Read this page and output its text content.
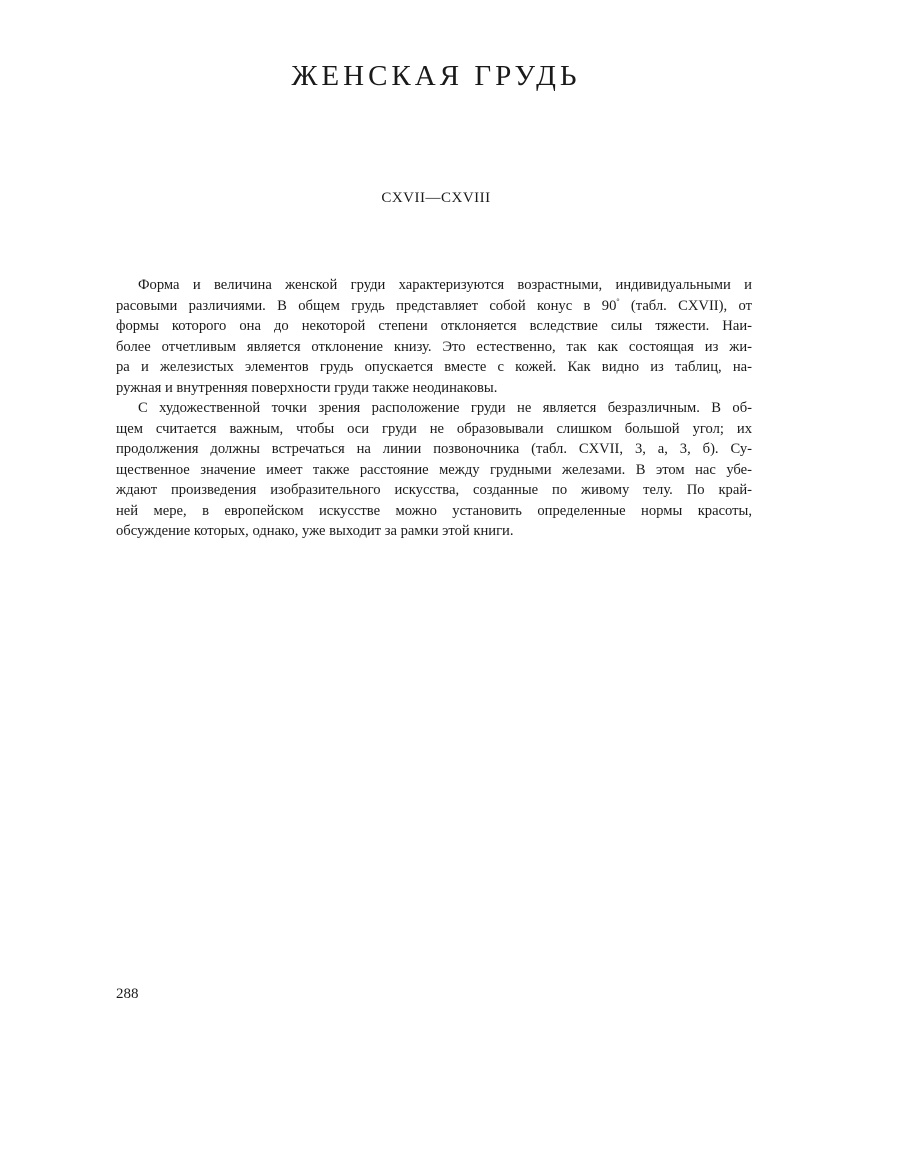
ЖЕНСКАЯ ГРУДЬ
CXVII—CXVIII
Форма и величина женской груди характеризуются возрастными, индивидуальными и
расовыми различиями. В общем грудь представляет собой конус в 90° (табл. CXVII), от
формы которого она до некоторой степени отклоняется вследствие силы тяжести. Наи-
более отчетливым является отклонение книзу. Это естественно, так как состоящая из жи-
ра и железистых элементов грудь опускается вместе с кожей. Как видно из таблиц, на-
ружная и внутренняя поверхности груди также неодинаковы.
С художественной точки зрения расположение груди не является безразличным. В об-
щем считается важным, чтобы оси груди не образовывали слишком большой угол; их
продолжения должны встречаться на линии позвоночника (табл. CXVII, 3, а, 3, б). Су-
щественное значение имеет также расстояние между грудными железами. В этом нас убе-
ждают произведения изобразительного искусства, созданные по живому телу. По край-
ней мере, в европейском искусстве можно установить определенные нормы красоты,
обсуждение которых, однако, уже выходит за рамки этой книги.
288
